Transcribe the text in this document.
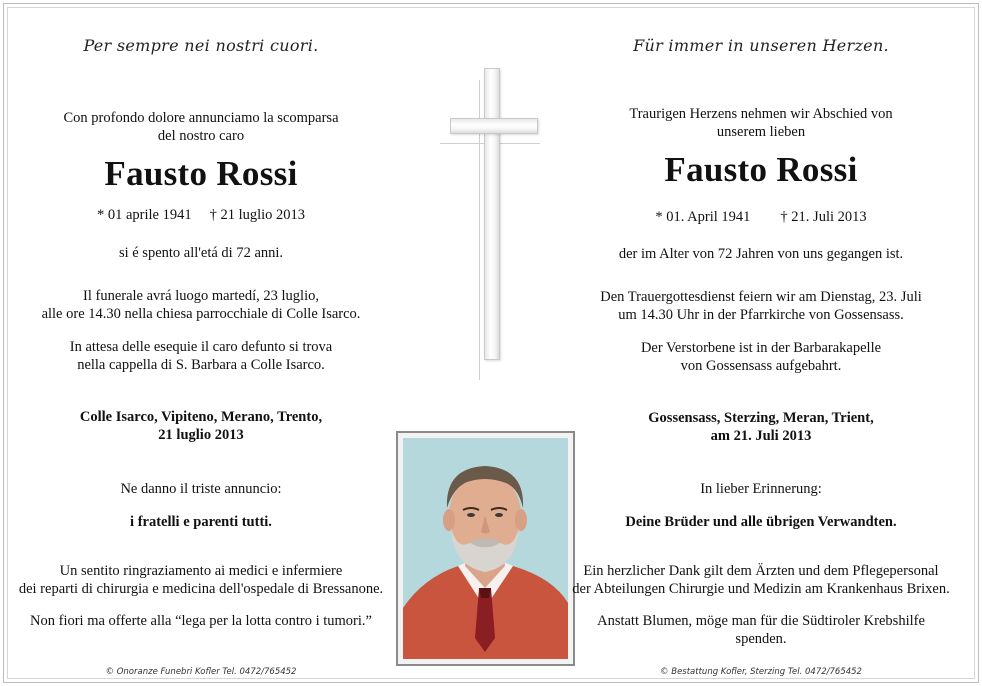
Per sempre nei nostri cuori.
Con profondo dolore annunciamo la scomparsa
del nostro caro
Fausto Rossi
* 01 aprile 1941 † 21 luglio 2013
si é spento all'etá di 72 anni.
Il funerale avrá luogo martedí, 23 luglio,
alle ore 14.30 nella chiesa parrocchiale di Colle Isarco.
In attesa delle esequie il caro defunto si trova
nella cappella di S. Barbara a Colle Isarco.
Colle Isarco, Vipiteno, Merano, Trento,
21 luglio 2013
Ne danno il triste annuncio:
i fratelli e parenti tutti.
Un sentito ringraziamento ai medici e infermiere
dei reparti di chirurgia e medicina dell'ospedale di Bressanone.
Non fiori ma offerte alla “lega per la lotta contro i tumori.”
© Onoranze Funebri Kofler Tel. 0472/765452
Für immer in unseren Herzen.
Traurigen Herzens nehmen wir Abschied von
unserem lieben
Fausto Rossi
* 01. April 1941 † 21. Juli 2013
der im Alter von 72 Jahren von uns gegangen ist.
Den Trauergottesdienst feiern wir am Dienstag, 23. Juli
um 14.30 Uhr in der Pfarrkirche von Gossensass.
Der Verstorbene ist in der Barbarakapelle
von Gossensass aufgebahrt.
Gossensass, Sterzing, Meran, Trient,
am 21. Juli 2013
In lieber Erinnerung:
Deine Brüder und alle übrigen Verwandten.
Ein herzlicher Dank gilt dem Ärzten und dem Pflegepersonal
der Abteilungen Chirurgie und Medizin am Krankenhaus Brixen.
Anstatt Blumen, möge man für die Südtiroler Krebshilfe spenden.
© Bestattung Kofler, Sterzing Tel. 0472/765452
